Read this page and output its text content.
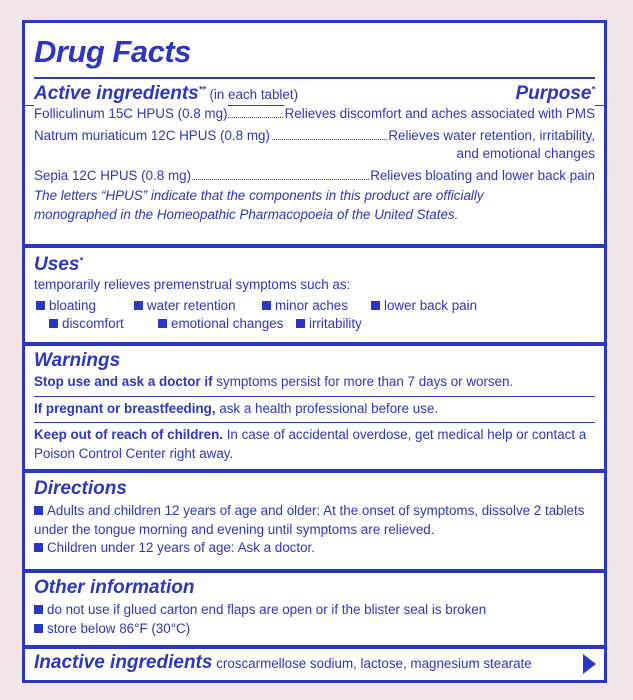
Drug Facts
Active ingredients** (in each tablet)	Purpose*
Folliculinum 15C HPUS (0.8 mg)	Relieves discomfort and aches associated with PMS
Natrum muriaticum 12C HPUS (0.8 mg)	Relieves water retention, irritability,
and emotional changes
Sepia 12C HPUS (0.8 mg)	Relieves bloating and lower back pain
The letters “HPUS” indicate that the components in this product are officially
monographed in the Homeopathic Pharmacopoeia of the United States.
Uses*
temporarily relieves premenstrual symptoms such as:
bloating	water retention	minor aches	lower back pain
discomfort	emotional changes	irritability
Warnings
Stop use and ask a doctor if symptoms persist for more than 7 days or worsen.
If pregnant or breastfeeding, ask a health professional before use.
Keep out of reach of children. In case of accidental overdose, get medical help or contact a
Poison Control Center right away.
Directions
Adults and children 12 years of age and older: At the onset of symptoms, dissolve 2 tablets
under the tongue morning and evening until symptoms are relieved.
Children under 12 years of age: Ask a doctor.
Other information
do not use if glued carton end flaps are open or if the blister seal is broken
store below 86°F (30°C)
Inactive ingredients croscarmellose sodium, lactose, magnesium stearate
